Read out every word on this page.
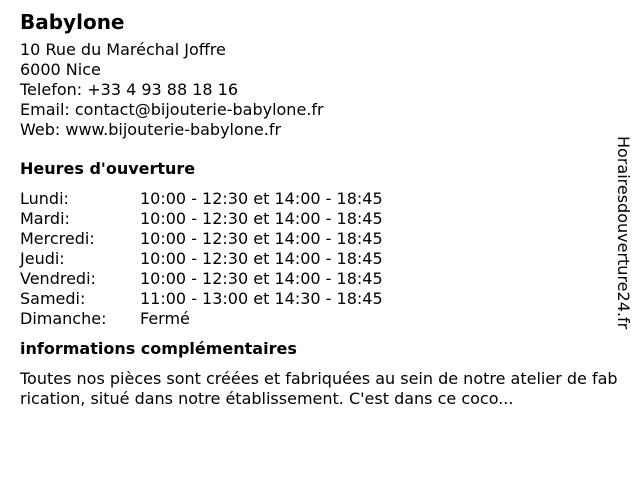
Babylone
10 Rue du Maréchal Joffre
6000 Nice
Telefon: +33 4 93 88 18 16
Email: contact@bijouterie-babylone.fr
Web: www.bijouterie-babylone.fr
Heures d'ouverture
Lundi:	10:00 - 12:30 et 14:00 - 18:45
Mardi:	10:00 - 12:30 et 14:00 - 18:45
Mercredi:	10:00 - 12:30 et 14:00 - 18:45
Jeudi:	10:00 - 12:30 et 14:00 - 18:45
Vendredi:	10:00 - 12:30 et 14:00 - 18:45
Samedi:	11:00 - 13:00 et 14:30 - 18:45
Dimanche:	Fermé
informations complémentaires
Toutes nos pièces sont créées et fabriquées au sein de notre atelier de fabrication, situé dans notre établissement. C'est dans ce coco...
Horairesdouverture24.fr
